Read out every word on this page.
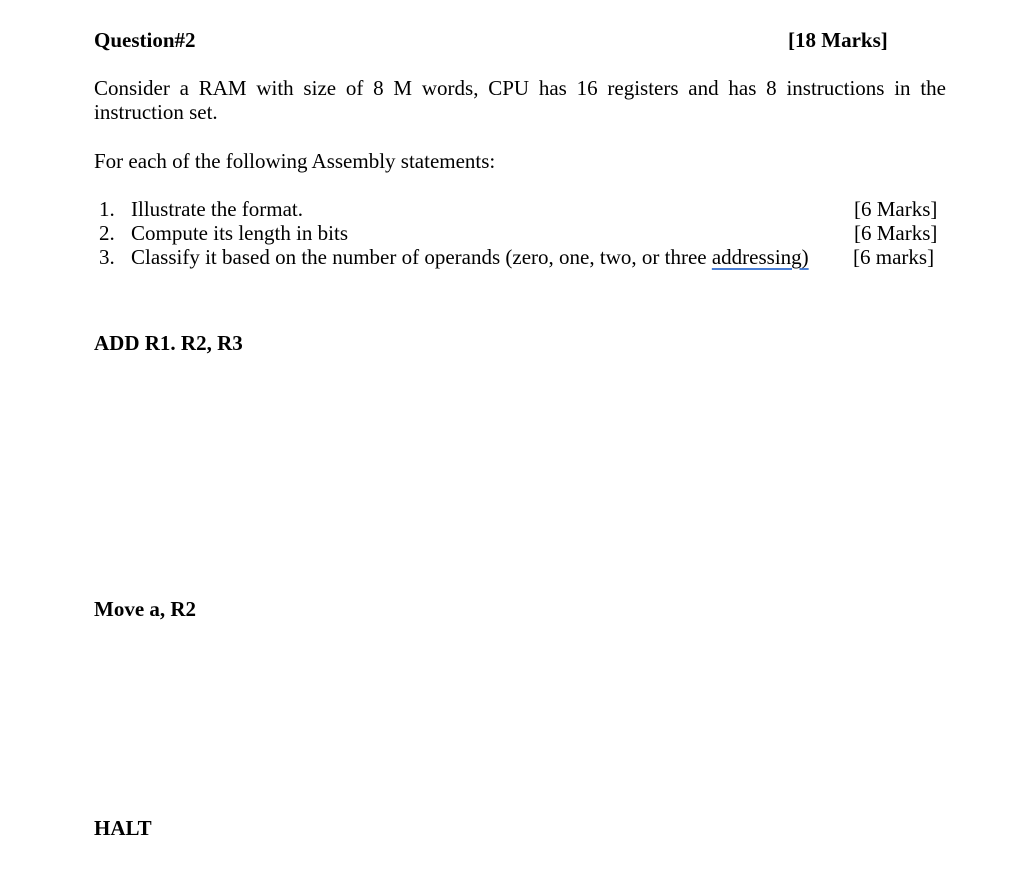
Question#2	[18 Marks]

Consider a RAM with size of 8 M words, CPU has 16 registers and has 8 instructions in the instruction set.

For each of the following Assembly statements:

1. Illustrate the format.	[6 Marks]
2. Compute its length in bits	[6 Marks]
3. Classify it based on the number of operands (zero, one, two, or three addressing) [6 marks]

ADD R1. R2, R3

Move a, R2

HALT
